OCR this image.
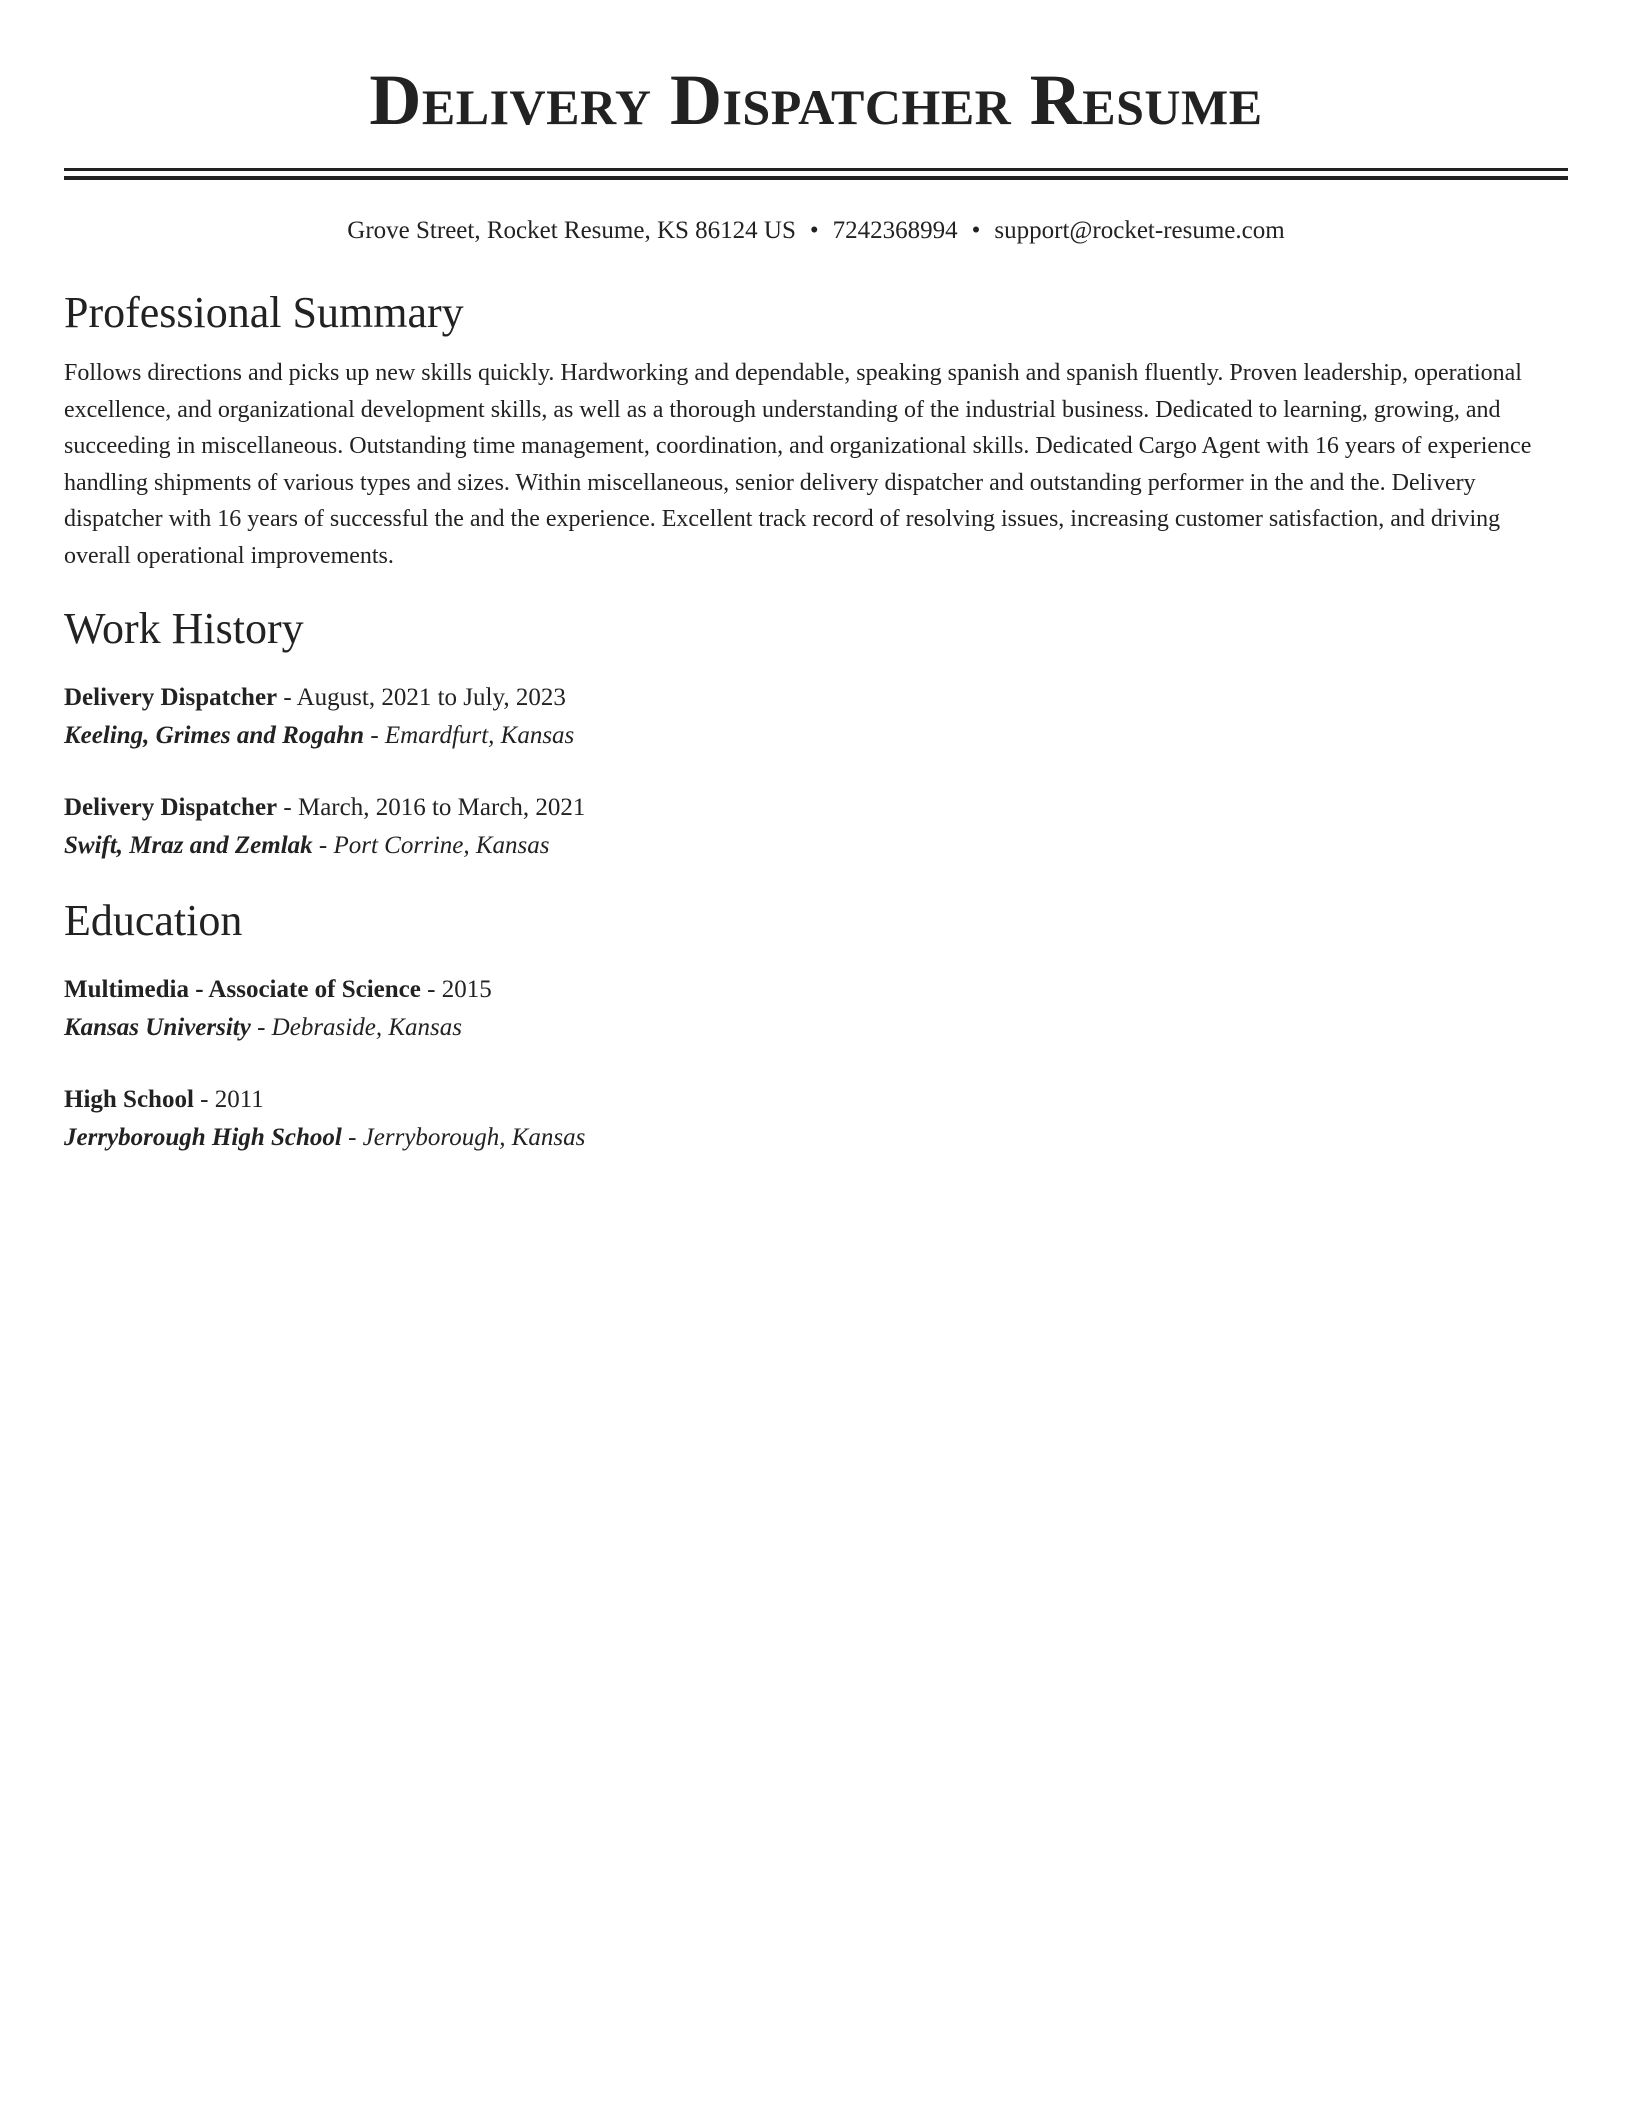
Delivery Dispatcher Resume
Grove Street, Rocket Resume, KS 86124 US • 7242368994 • support@rocket-resume.com
Professional Summary

Follows directions and picks up new skills quickly. Hardworking and dependable, speaking spanish and spanish fluently. Proven leadership, operational excellence, and organizational development skills, as well as a thorough understanding of the industrial business. Dedicated to learning, growing, and succeeding in miscellaneous. Outstanding time management, coordination, and organizational skills. Dedicated Cargo Agent with 16 years of experience handling shipments of various types and sizes. Within miscellaneous, senior delivery dispatcher and outstanding performer in the and the. Delivery dispatcher with 16 years of successful the and the experience. Excellent track record of resolving issues, increasing customer satisfaction, and driving overall operational improvements.

Work History
Delivery Dispatcher - August, 2021 to July, 2023
Keeling, Grimes and Rogahn - Emardfurt, Kansas
Delivery Dispatcher - March, 2016 to March, 2021
Swift, Mraz and Zemlak - Port Corrine, Kansas
Education
Multimedia - Associate of Science - 2015
Kansas University - Debraside, Kansas
High School - 2011
Jerryborough High School - Jerryborough, Kansas
